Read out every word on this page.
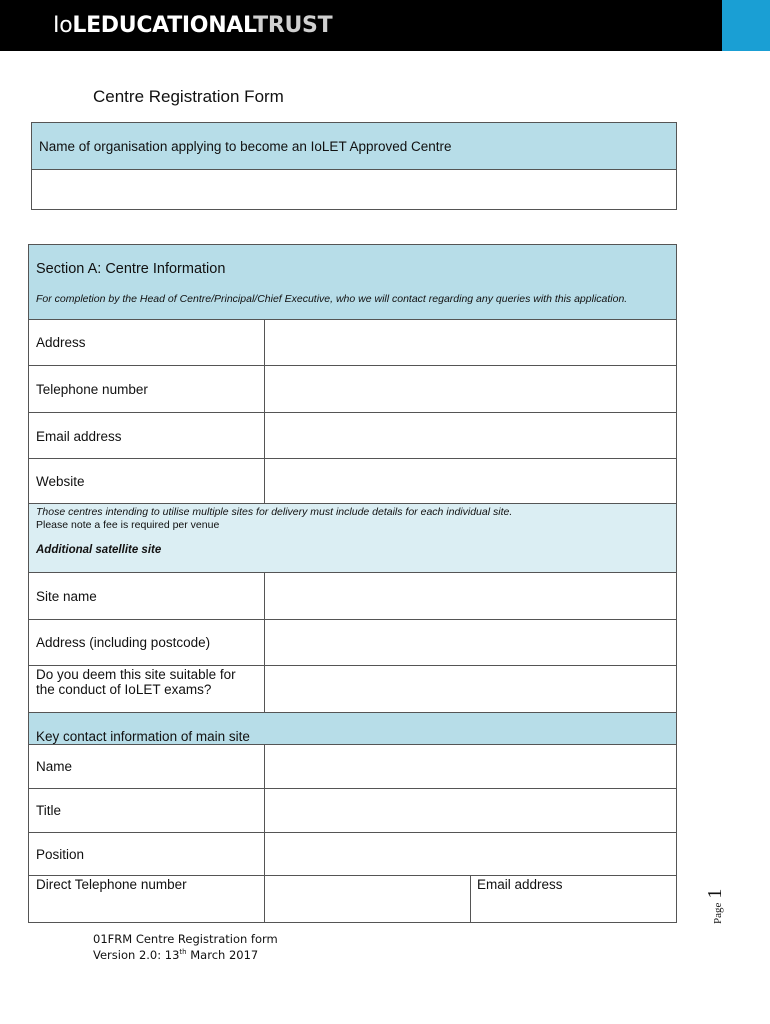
IoLEDUCATIONALTRUST
Centre Registration Form
Name of organisation applying to become an IoLET Approved Centre
Section A: Centre Information
For completion by the Head of Centre/Principal/Chief Executive, who we will contact regarding any queries with this application.
Address
Telephone number
Email address
Website
Those centres intending to utilise multiple sites for delivery must include details for each individual site.
Please note a fee is required per venue
Additional satellite site
Site name
Address (including postcode)
Do you deem this site suitable for the conduct of IoLET exams?
Key contact information of main site
Name
Title
Position
Direct Telephone number	Email address
01FRM Centre Registration form
Version 2.0: 13th March 2017
Page 1
